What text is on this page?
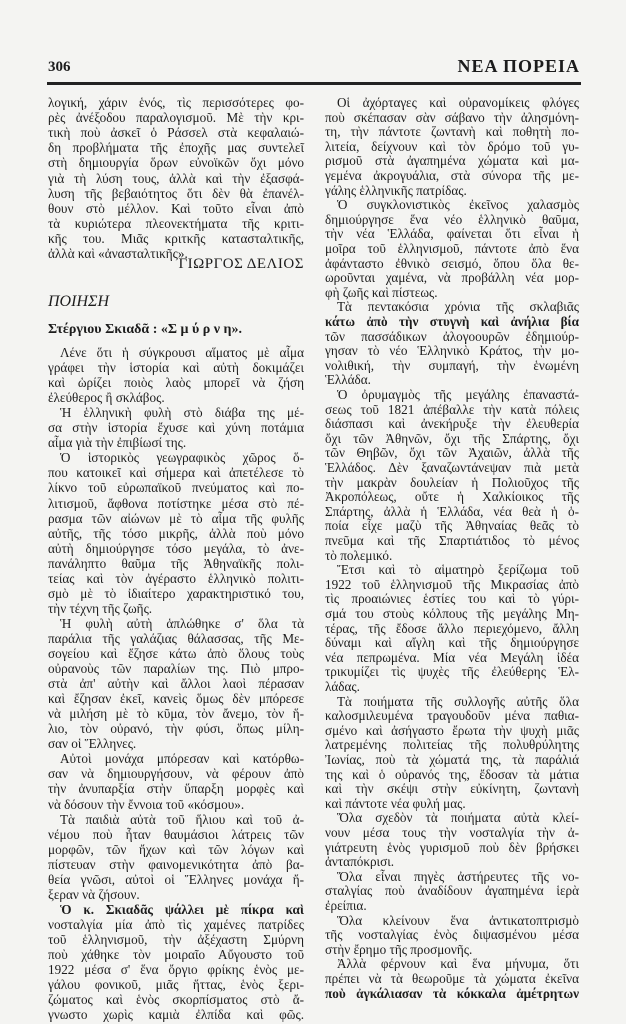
306	ΝΕΑ ΠΟΡΕΙΑ
ΓΙΩΡΓΟΣ ΔΕΛΙΟΣ
ΠΟΙΗΣΗ
Στέργιου Σκιαδᾶ : «Σ μ ύ ρ ν η».
λογική, χάριν ἑνός, τὶς περισσότερες φο-
ρὲς ἀνέξοδου παραλογισμοῦ. Μὲ τὴν κρι-
τικὴ ποὺ ἀσκεῖ ὁ Ράσσελ στὰ κεφαλαιώ-
δη προβλήματα τῆς ἐποχῆς μας συντελεῖ
στὴ δημιουργία ὅρων εὐνοϊκῶν ὄχι μόνο
γιὰ τὴ λύση τους, ἀλλὰ καὶ τὴν ἐξασφά-
λυση τῆς βεβαιότητος ὅτι δὲν θὰ ἐπανέλ-
θουν στὸ μέλλον. Καὶ τοῦτο εἶναι ἀπὸ
τὰ κυριώτερα πλεονεκτήματα τῆς κριτι-
κῆς του. Μιᾶς κριτκῆς κατασταλτικῆς,
ἀλλὰ καὶ «ἀνασταλτικῆς».
Λένε ὅτι ἡ σύγκρουσι αἵματος μὲ αἷμα
γράφει τὴν ἱστορία καὶ αὐτὴ δοκιμάζει
καὶ ὡρίζει ποιὸς λαὸς μπορεῖ νὰ ζήση
ἐλεύθερος ἢ σκλάβος.
Ἡ ἑλληνικὴ φυλὴ στὸ διάβα της μέ-
σα στὴν ἱστορία ἔχυσε καὶ χύνη ποτάμια
αἷμα γιὰ τὴν ἐπιβίωσί της.
Ὁ ἱστορικὸς γεωγραφικὸς χῶρος ὅ-
που κατοικεῖ καὶ σήμερα καὶ ἀπετέλεσε τὸ
λίκνο τοῦ εὐρωπαϊκοῦ πνεύματος καὶ πο-
λιτισμοῦ, ἄφθονα ποτίστηκε μέσα στὸ πέ-
ρασμα τῶν αἰώνων μὲ τὸ αἷμα τῆς φυλῆς
αὐτῆς, τῆς τόσο μικρῆς, ἀλλὰ ποὺ μόνο
αὐτὴ δημιούργησε τόσο μεγάλα, τὸ ἀνε-
πανάληπτο θαῦμα τῆς Ἀθηναϊκῆς πολι-
τείας καὶ τὸν ἀγέραστο ἑλληνικὸ πολιτι-
σμὸ μὲ τὸ ἰδιαίτερο χαρακτηριστικό του,
τὴν τέχνη τῆς ζωῆς.
Ἡ φυλὴ αὐτὴ ἁπλώθηκε σ' ὅλα τὰ
παράλια τῆς γαλάζιας θάλασσας, τῆς Με-
σογείου καὶ ἔζησε κάτω ἀπὸ ὅλους τοὺς
οὐρανοὺς τῶν παραλίων της. Πιὸ μπρο-
στὰ ἀπ' αὐτὴν καὶ ἄλλοι λαοὶ πέρασαν
καὶ ἔζησαν ἐκεῖ, κανεὶς ὅμως δὲν μπόρεσε
νὰ μιλήση μὲ τὸ κῦμα, τὸν ἄνεμο, τὸν ἥ-
λιο, τὸν οὐρανό, τὴν φύσι, ὅπως μίλη-
σαν οἱ Ἕλληνες.
Αὐτοὶ μονάχα μπόρεσαν καὶ κατόρθω-
σαν νὰ δημιουργήσουν, νὰ φέρουν ἀπὸ
τὴν ἀνυπαρξία στὴν ὕπαρξη μορφὲς καὶ
νὰ δόσουν τὴν ἔννοια τοῦ «κόσμου».
Τὰ παιδιὰ αὐτὰ τοῦ ἥλιου καὶ τοῦ ἀ-
νέμου ποὺ ἦταν θαυμάσιοι λάτρεις τῶν
μορφῶν, τῶν ἤχων καὶ τῶν λόγων καὶ
πίστευαν στὴν φαινομενικότητα ἀπὸ βα-
θεία γνῶσι, αὐτοὶ οἱ Ἕλληνες μονάχα ἤ-
ξεραν νὰ ζήσουν.
Ὁ κ. Σκιαδᾶς ψάλλει μὲ πίκρα καὶ
νοσταλγία μία ἀπὸ τὶς χαμένες πατρίδες
τοῦ ἑλληνισμοῦ, τὴν ἀξέχαστη Σμύρνη
ποὺ χάθηκε τὸν μοιραῖο Αὔγουστο τοῦ
1922 μέσα σ' ἕνα ὄργιο φρίκης ἑνὸς με-
γάλου φονικοῦ, μιᾶς ἥττας, ἑνὸς ξερι-
ζώματος καὶ ἑνὸς σκορπίσματος στὸ ἄ-
γνωστο χωρὶς καμιὰ ἐλπίδα καὶ φῶς.
Οἱ ἀχόρταγες καὶ οὐρανομίκεις φλόγες
ποὺ σκέπασαν σὰν σάβανο τὴν ἀλησμόνη-
τη, τὴν πάντοτε ζωντανὴ καὶ ποθητὴ πο-
λιτεία, δείχνουν καὶ τὸν δρόμο τοῦ γυ-
ρισμοῦ στὰ ἀγαπημένα χώματα καὶ μα-
γεμένα ἀκρογυάλια, στὰ σύνορα τῆς με-
γάλης ἑλληνικῆς πατρίδας.
Ὁ συγκλονιστικὸς ἐκεῖνος χαλασμὸς
δημιούργησε ἕνα νέο ἑλληνικὸ θαῦμα,
τὴν νέα Ἑλλάδα, φαίνεται ὅτι εἶναι ἡ
μοῖρα τοῦ ἑλληνισμοῦ, πάντοτε ἀπὸ ἕνα
ἀφάνταστο ἐθνικὸ σεισμό, ὅπου ὅλα θε-
ωροῦνται χαμένα, νὰ προβάλλη νέα μορ-
φὴ ζωῆς καὶ πίστεως.
Τὰ πεντακόσια χρόνια τῆς σκλαβιᾶς
κάτω ἀπὸ τὴν στυγνὴ καὶ ἀνήλια βία
τῶν πασσάδικων ἀλογοουρῶν ἐδημιούρ-
γησαν τὸ νέο Ἑλληνικὸ Κράτος, τὴν μο-
νολιθική, τὴν συμπαγή, τὴν ἑνωμένη
Ἑλλάδα.
Ὁ ὀρυμαγμὸς τῆς μεγάλης ἐπαναστά-
σεως τοῦ 1821 ἀπέβαλλε τὴν κατὰ πόλεις
διάσπασι καὶ ἀνεκήρυξε τὴν ἐλευθερία
ὄχι τῶν Ἀθηνῶν, ὄχι τῆς Σπάρτης, ὄχι
τῶν Θηβῶν, ὄχι τῶν Ἀχαιῶν, ἀλλὰ τῆς
Ἑλλάδος. Δὲν ξαναζωντάνεψαν πιὰ μετὰ
τὴν μακρὰν δουλείαν ἡ Πολιοῦχος τῆς
Ἀκροπόλεως, οὔτε ἡ Χαλκίοικος τῆς
Σπάρτης, ἀλλὰ ἡ Ἑλλάδα, νέα θεὰ ἡ ὁ-
ποία εἶχε μαζὺ τῆς Ἀθηναίας θεᾶς τὸ
πνεῦμα καὶ τῆς Σπαρτιάτιδος τὸ μένος
τὸ πολεμικό.
Ἔτσι καὶ τὸ αἱματηρὸ ξερίζωμα τοῦ
1922 τοῦ ἑλληνισμοῦ τῆς Μικρασίας ἀπὸ
τὶς προαιώνιες ἑστίες του καὶ τὸ γύρι-
σμά του στοὺς κόλπους τῆς μεγάλης Μη-
τέρας, τῆς ἔδοσε ἄλλο περιεχόμενο, ἄλλη
δύναμι καὶ αἴγλη καὶ τῆς δημιούργησε
νέα πεπρωμένα. Μία νέα Μεγάλη ἰδέα
τρικυμίζει τὶς ψυχὲς τῆς ἐλεύθερης Ἑλ-
λάδας.
Τὰ ποιήματα τῆς συλλογῆς αὐτῆς ὅλα
καλοσμιλευμένα τραγουδοῦν μένα παθια-
σμένο καὶ ἀσήγαστο ἔρωτα τὴν ψυχὴ μιᾶς
λατρεμένης πολιτείας τῆς πολυθρύλητης
Ἰωνίας, ποὺ τὰ χώματά της, τὰ παράλιά
της καὶ ὁ οὐρανός της, ἔδοσαν τὰ μάτια
καὶ τὴν σκέψι στὴν εὐκίνητη, ζωντανὴ
καὶ πάντοτε νέα φυλή μας.
Ὅλα σχεδὸν τὰ ποιήματα αὐτὰ κλεί-
νουν μέσα τους τὴν νοσταλγία τὴν ἀ-
γιάτρευτη ἑνὸς γυρισμοῦ ποὺ δὲν βρήσκει
ἀνταπόκρισι.
Ὅλα εἶναι πηγὲς ἀστήρευτες τῆς νο-
σταλγίας ποὺ ἀναδίδουν ἀγαπημένα ἱερὰ
ἐρείπια.
Ὅλα κλείνουν ἕνα ἀντικατοπτρισμὸ
τῆς νοσταλγίας ἑνὸς διψασμένου μέσα
στὴν ἔρημο τῆς προσμονῆς.
Ἀλλὰ φέρνουν καὶ ἕνα μήνυμα, ὅτι
πρέπει νὰ τὰ θεωροῦμε τὰ χώματα ἐκεῖνα
ποὺ ἀγκάλιασαν τὰ κόκκαλα ἀμέτρητων
